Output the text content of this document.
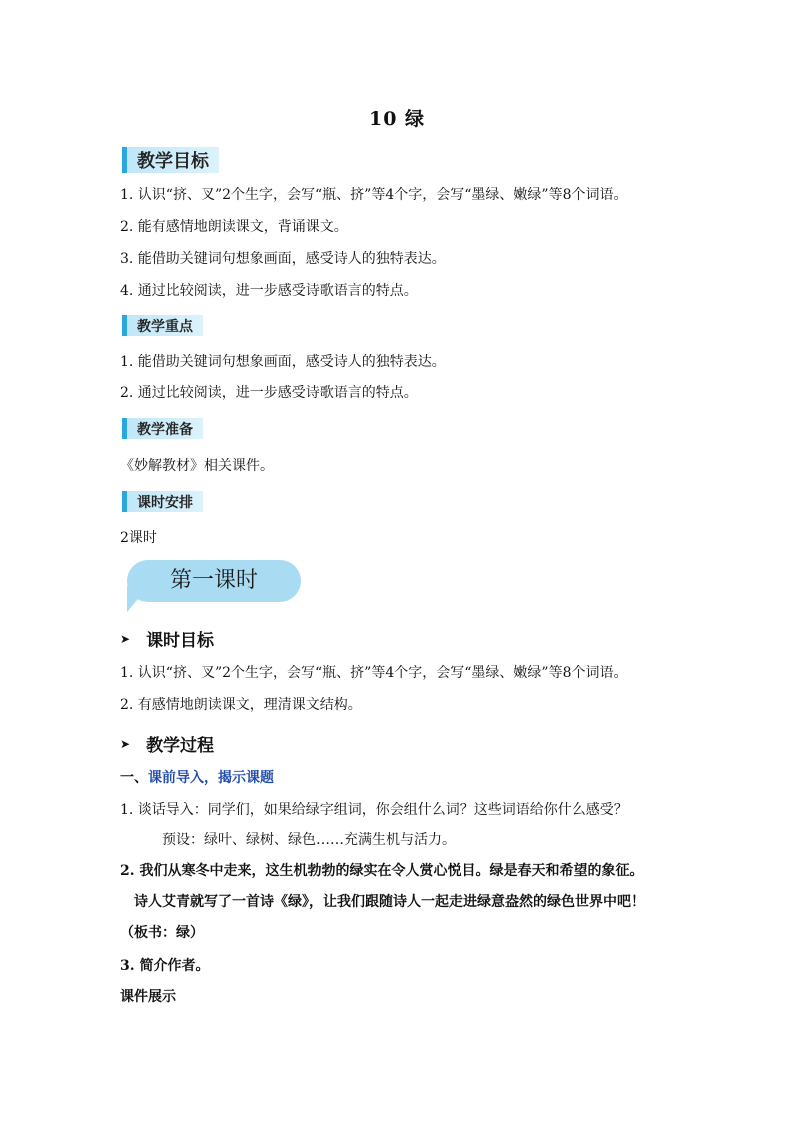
10 绿
教学目标
1. 认识“挤、叉”2个生字，会写“瓶、挤”等4个字，会写“墨绿、嫩绿”等8个词语。
2. 能有感情地朗读课文，背诵课文。
3. 能借助关键词句想象画面，感受诗人的独特表达。
4. 通过比较阅读，进一步感受诗歌语言的特点。
教学重点
1. 能借助关键词句想象画面，感受诗人的独特表达。
2. 通过比较阅读，进一步感受诗歌语言的特点。
教学准备
《妙解教材》相关课件。
课时安排
2课时
第一课时
➤ 课时目标
1. 认识“挤、叉”2个生字，会写“瓶、挤”等4个字，会写“墨绿、嫩绿”等8个词语。
2. 有感情地朗读课文，理清课文结构。
➤ 教学过程
一、课前导入，揭示课题
1. 谈话导入：同学们，如果给绿字组词，你会组什么词？这些词语给你什么感受？
预设：绿叶、绿树、绿色……充满生机与活力。
2. 我们从寒冬中走来，这生机勃勃的绿实在令人赏心悦目。绿是春天和希望的象征。
诗人艾青就写了一首诗《绿》，让我们跟随诗人一起走进绿意盎然的绿色世界中吧！
（板书：绿）
3. 简介作者。
课件展示
